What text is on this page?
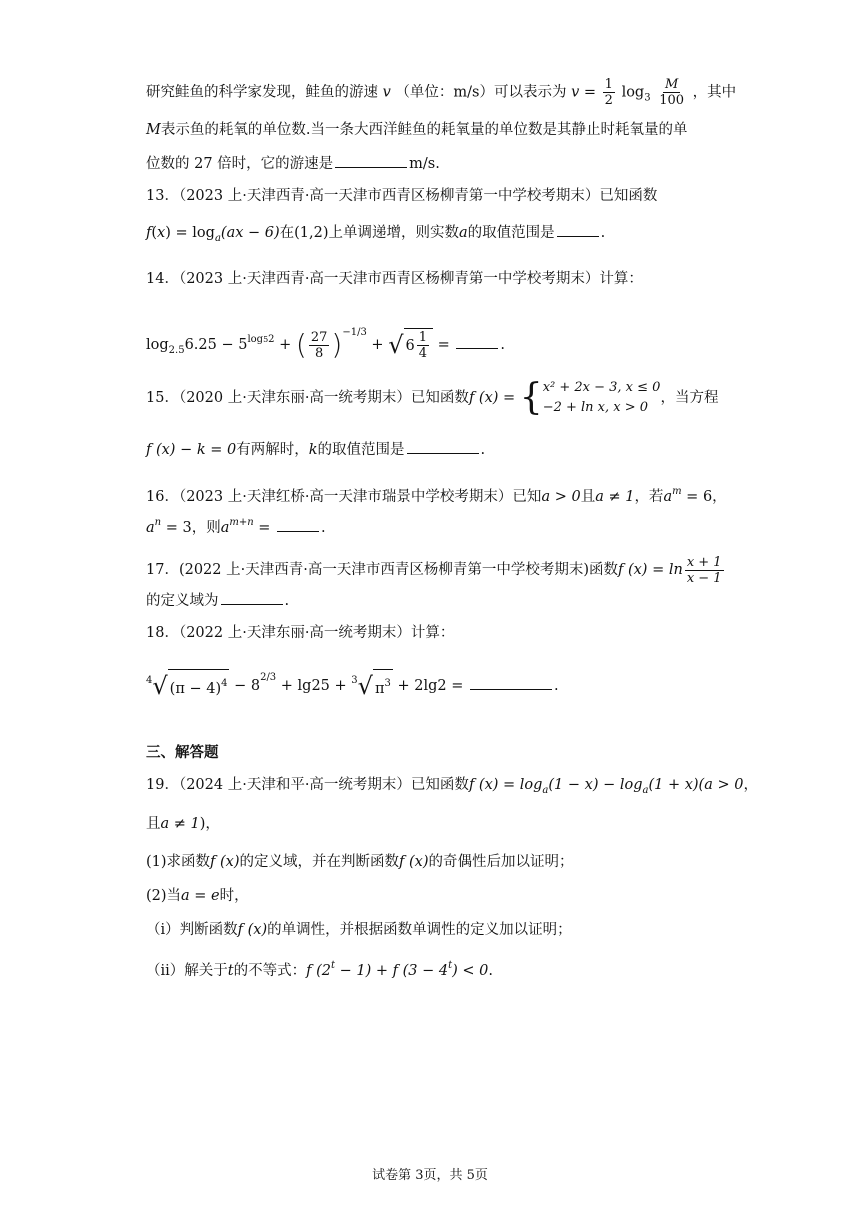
研究鲑鱼的科学家发现，鲑鱼的游速 v （单位：m/s）可以表示为 $v = \frac{1}{2} \log_3 \frac{M}{100}$ ，其中
M表示鱼的耗氧的单位数.当一条大西洋鲑鱼的耗氧量的单位数是其静止时耗氧量的单
位数的 27 倍时，它的游速是	m/s.
13．（2023 上·天津西青·高一天津市西青区杨柳青第一中学校考期末）已知函数
$f(x) = \log_a(ax - 6)$在(1,2)上单调递增，则实数a的取值范围是	.
14．（2023 上·天津西青·高一天津市西青区杨柳青第一中学校考期末）计算：
$\log_{2.5}6.25 - 5^{log52}$ + ( $\frac{27}{8} )^{-1/3}$ + √ $6 \frac{1}{4}$ =	.
15．（2020 上·天津东丽·高一统考期末）已知函数f (x) = { x² + 2x − 3, x ≤ 0
−2 + ln x, x > 0
，当方程
f (x) − k = 0有两解时，k的取值范围是	.
16．（2023 上·天津红桥·高一天津市瑞景中学校考期末）已知a > 0且a ≠ 1，若$a^m = 6$，
$a^n = 3$，则$a^{m+n}$ =	.
17．(2022 上·天津西青·高一天津市西青区杨柳青第一中学校考期末)函数f $(x) = \ln \frac{x + 1}{x - 1}$
的定义域为	.
18．（2022 上·天津东丽·高一统考期末）计算：
$^4$ √ $(\pi - 4)^4 - 8^{2/3} + \lg 25 + ^3$ √ $\pi^3 + 2\lg 2$ =	.
三、解答题
19．（2024 上·天津和平·高一统考期末）已知函数f $(x) = \log_a(1 - x) - \log_a(1 + x)(a > 0$，
且a ≠ 1)，
(1)求函数f (x)的定义域，并在判断函数f (x)的奇偶性后加以证明；
(2)当a = e时，
（i）判断函数f (x)的单调性，并根据函数单调性的定义加以证明；
（ii）解关于t的不等式：f $(2^t - 1) + f$ $(3 - 4^t) < 0$.
试卷第 3页，共 5页
